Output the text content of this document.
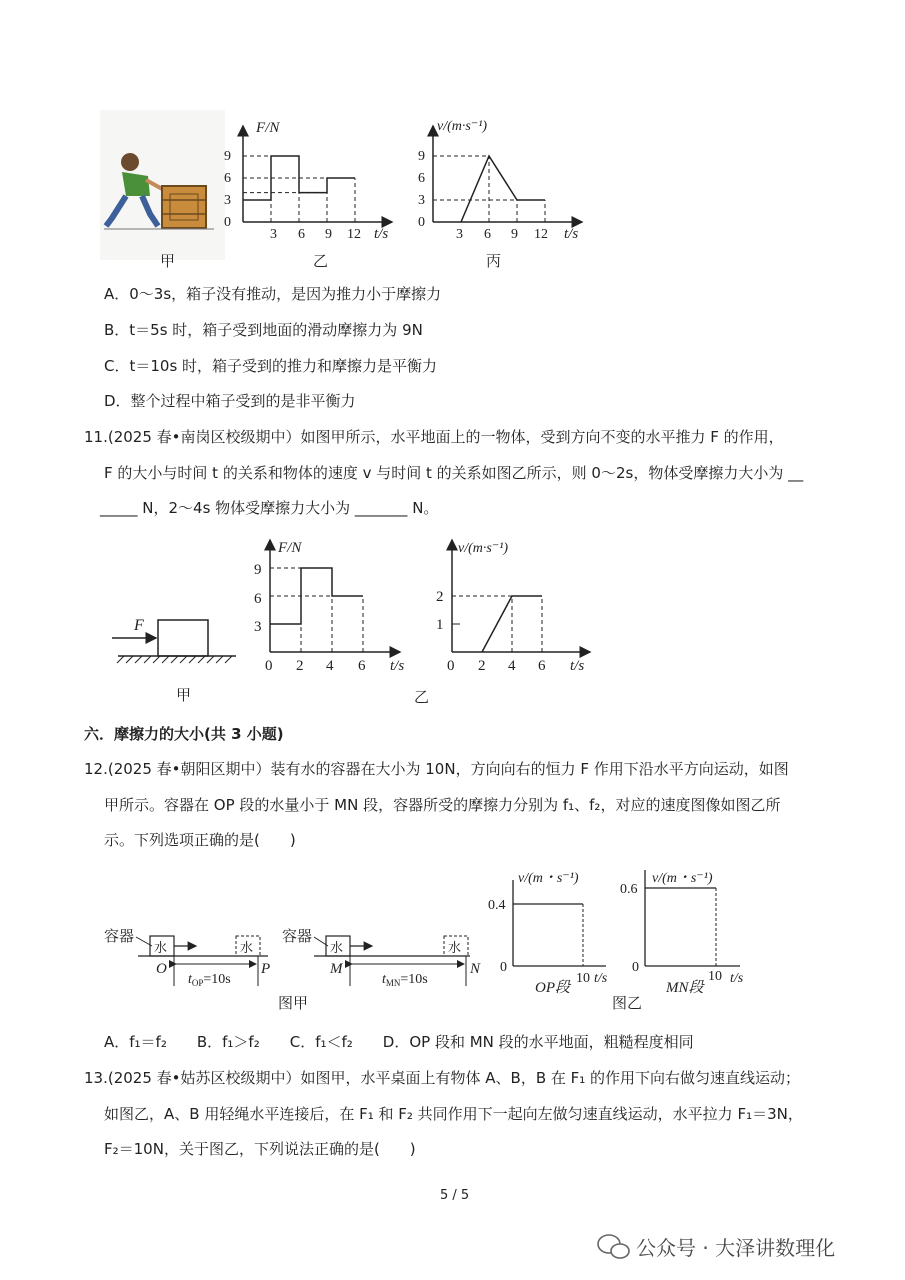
甲
F/N
t/s
0
3
6
9
3 6 9 12
乙
v/(m·s⁻¹)
t/s
0
3
6
9
3 6 9 12
丙
F
甲
F/N
t/s
3
6
9
0 2 4 6
v/(m·s⁻¹)
t/s
1
2
0 2 4 6
乙
容器
水	水
O	P
$t_{OP}=10s$
容器
水	水
M	N
$t_{MN}=10s$
图甲
v/(m・s⁻¹)
0.4
0
10 t/s
OP段
v/(m・s⁻¹)
0.6
0
10 t/s
MN段
图乙
A．0～3s，箱子没有推动，是因为推力小于摩擦力
B．t＝5s 时，箱子受到地面的滑动摩擦力为 9N
C．t＝10s 时，箱子受到的推力和摩擦力是平衡力
D．整个过程中箱子受到的是非平衡力
11.(2025 春•南岗区校级期中）如图甲所示，水平地面上的一物体，受到方向不变的水平推力 F 的作用，
F 的大小与时间 t 的关系和物体的速度 v 与时间 t 的关系如图乙所示，则 0～2s，物体受摩擦力大小为 __
_____ N，2～4s 物体受摩擦力大小为 _______ N。
六．摩擦力的大小(共 3 小题)
12.(2025 春•朝阳区期中）装有水的容器在大小为 10N，方向向右的恒力 F 作用下沿水平方向运动，如图
甲所示。容器在 OP 段的水量小于 MN 段，容器所受的摩擦力分别为 f₁、f₂，对应的速度图像如图乙所
示。下列选项正确的是(　　)
A．f₁＝f₂　　B．f₁＞f₂　　C．f₁＜f₂　　D．OP 段和 MN 段的水平地面，粗糙程度相同
13.(2025 春•姑苏区校级期中）如图甲，水平桌面上有物体 A、B，B 在 F₁ 的作用下向右做匀速直线运动；
如图乙，A、B 用轻绳水平连接后，在 F₁ 和 F₂ 共同作用下一起向左做匀速直线运动，水平拉力 F₁＝3N，
F₂＝10N，关于图乙，下列说法正确的是(　　)
5 / 5
公众号 · 大泽讲数理化
